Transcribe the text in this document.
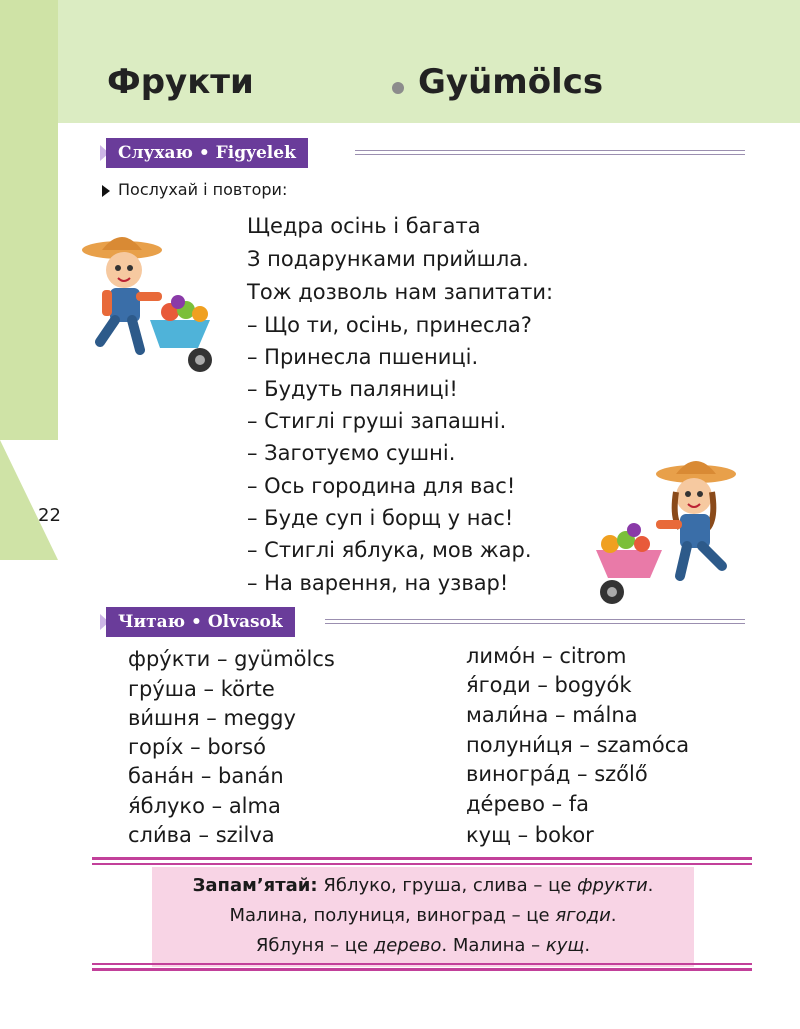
Фрукти	Gyümölcs
Слухаю • Figyelek
Послухай і повтори:
Щедра осінь і багата
З подарунками прийшла.
Тож дозволь нам запитати:
– Що ти, осінь, принесла?
– Принесла пшениці.
– Будуть паляниці!
– Стиглі груші запашні.
– Заготуємо сушні.
– Ось городина для вас!
– Буде суп і борщ у нас!
– Стиглі яблука, мов жар.
– На варення, на узвар!
22
Читаю • Olvasok
фру́кти – gyümölcs
гру́ша – körte
ви́шня – meggy
горі́х – borsó
бана́н – banán
я́блуко – alma
сли́ва – szilva
лимо́н – citrom
я́годи – bogyók
мали́на – málna
полуни́ця – szamóca
виногра́д – szőlő
де́рево – fa
кущ – bokor
Запам’ятай: Яблуко, груша, слива – це фрукти.
Малина, полуниця, виноград – це ягоди.
Яблуня – це дерево. Малина – кущ.
